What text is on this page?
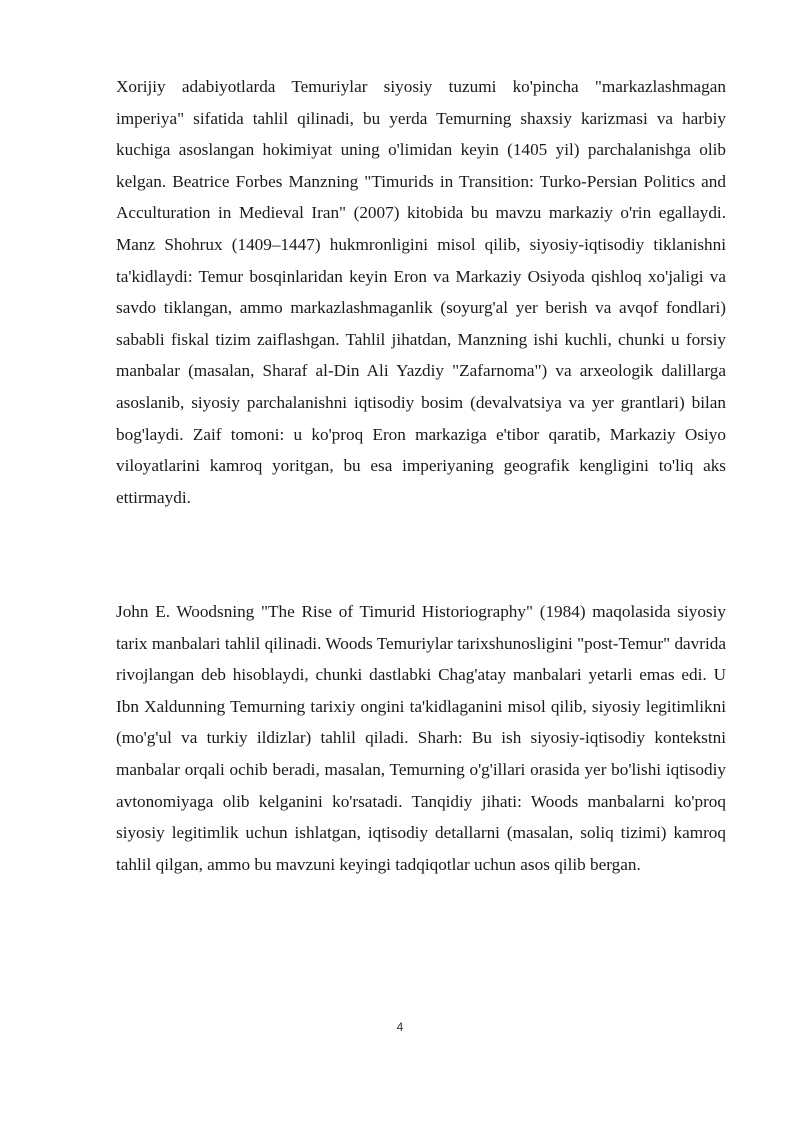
Xorijiy adabiyotlarda Temuriylar siyosiy tuzumi ko'pincha "markazlashmagan imperiya" sifatida tahlil qilinadi, bu yerda Temurning shaxsiy karizmasi va harbiy kuchiga asoslangan hokimiyat uning o'limidan keyin (1405 yil) parchalanishga olib kelgan. Beatrice Forbes Manzning "Timurids in Transition: Turko-Persian Politics and Acculturation in Medieval Iran" (2007) kitobida bu mavzu markaziy o'rin egallaydi. Manz Shohrux (1409–1447) hukmronligini misol qilib, siyosiy-iqtisodiy tiklanishni ta'kidlaydi: Temur bosqinlaridan keyin Eron va Markaziy Osiyoda qishloq xo'jaligi va savdo tiklangan, ammo markazlashmaganlik (soyurg'al yer berish va avqof fondlari) sababli fiskal tizim zaiflashgan. Tahlil jihatdan, Manzning ishi kuchli, chunki u forsiy manbalar (masalan, Sharaf al-Din Ali Yazdiy "Zafarnoma") va arxeologik dalillarga asoslanib, siyosiy parchalanishni iqtisodiy bosim (devalvatsiya va yer grantlari) bilan bog'laydi. Zaif tomoni: u ko'proq Eron markaziga e'tibor qaratib, Markaziy Osiyo viloyatlarini kamroq yoritgan, bu esa imperiyaning geografik kengligini to'liq aks ettirmaydi.

John E. Woodsning "The Rise of Timurid Historiography" (1984) maqolasida siyosiy tarix manbalari tahlil qilinadi. Woods Temuriylar tarixshunosligini "post-Temur" davrida rivojlangan deb hisoblaydi, chunki dastlabki Chag'atay manbalari yetarli emas edi. U Ibn Xaldunning Temurning tarixiy ongini ta'kidlaganini misol qilib, siyosiy legitimlikni (mo'g'ul va turkiy ildizlar) tahlil qiladi. Sharh: Bu ish siyosiy-iqtisodiy kontekstni manbalar orqali ochib beradi, masalan, Temurning o'g'illari orasida yer bo'lishi iqtisodiy avtonomiyaga olib kelganini ko'rsatadi. Tanqidiy jihati: Woods manbalarni ko'proq siyosiy legitimlik uchun ishlatgan, iqtisodiy detallarni (masalan, soliq tizimi) kamroq tahlil qilgan, ammo bu mavzuni keyingi tadqiqotlar uchun asos qilib bergan.

4
